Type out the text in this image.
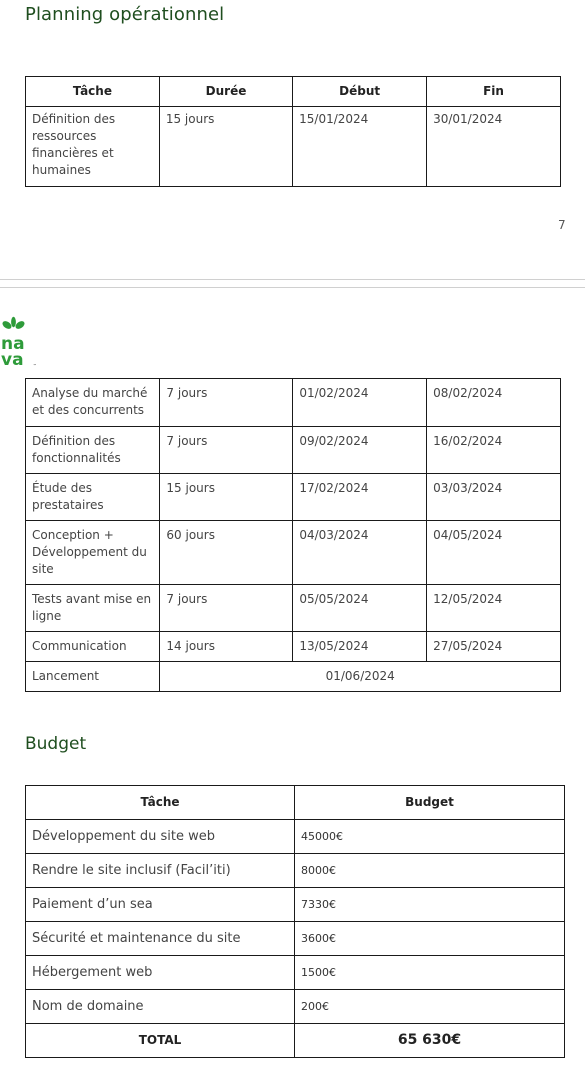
Planning opérationnel
Tâche	Durée	Début	Fin
Définition des ressources financières et humaines	15 jours	15/01/2024	30/01/2024
7
na
va ™
Analyse du marché et des concurrents	7 jours	01/02/2024	08/02/2024
Définition des fonctionnalités	7 jours	09/02/2024	16/02/2024
Étude des prestataires	15 jours	17/02/2024	03/03/2024
Conception + Développement du site	60 jours	04/03/2024	04/05/2024
Tests avant mise en ligne	7 jours	05/05/2024	12/05/2024
Communication	14 jours	13/05/2024	27/05/2024
Lancement	01/06/2024		
Budget
Tâche	Budget
Développement du site web	45000€
Rendre le site inclusif (Facil’iti)	8000€
Paiement d’un sea	7330€
Sécurité et maintenance du site	3600€
Hébergement web	1500€
Nom de domaine	200€
TOTAL	65 630€
